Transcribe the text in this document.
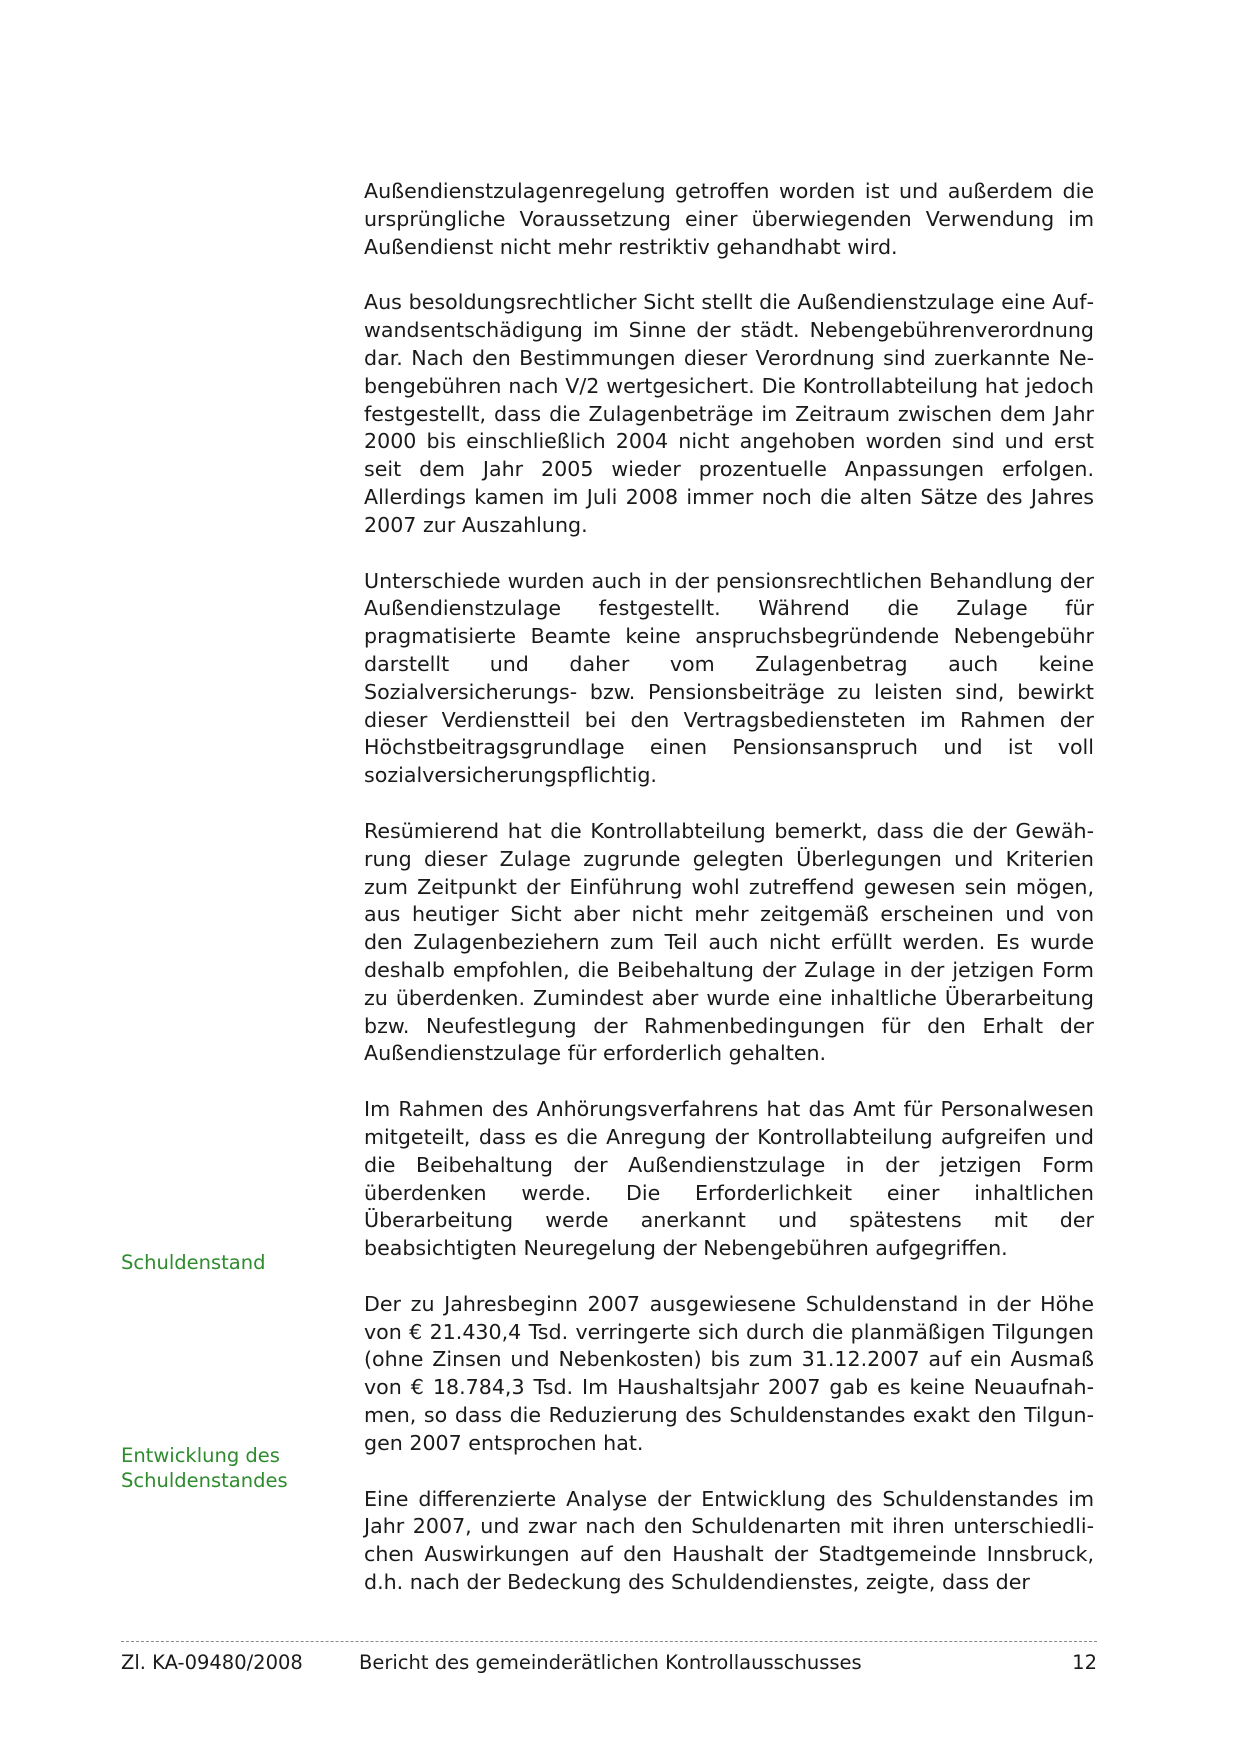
Außendienstzulagenregelung getroffen worden ist und außerdem die ursprüngliche Voraussetzung einer überwiegenden Verwendung im Außendienst nicht mehr restriktiv gehandhabt wird.

Aus besoldungsrechtlicher Sicht stellt die Außendienstzulage eine Aufwandsentschädigung im Sinne der städt. Nebengebührenverordnung dar. Nach den Bestimmungen dieser Verordnung sind zuerkannte Nebengebühren nach V/2 wertgesichert. Die Kontrollabteilung hat jedoch festgestellt, dass die Zulagenbeträge im Zeitraum zwischen dem Jahr 2000 bis einschließlich 2004 nicht angehoben worden sind und erst seit dem Jahr 2005 wieder prozentuelle Anpassungen erfolgen. Allerdings kamen im Juli 2008 immer noch die alten Sätze des Jahres 2007 zur Auszahlung.

Unterschiede wurden auch in der pensionsrechtlichen Behandlung der Außendienstzulage festgestellt. Während die Zulage für pragmatisierte Beamte keine anspruchsbegründende Nebengebühr darstellt und daher vom Zulagenbetrag auch keine Sozialversicherungs- bzw. Pensionsbeiträge zu leisten sind, bewirkt dieser Verdienstteil bei den Vertragsbediensteten im Rahmen der Höchstbeitragsgrundlage einen Pensionsanspruch und ist voll sozialversicherungspflichtig.

Resümierend hat die Kontrollabteilung bemerkt, dass die der Gewährung dieser Zulage zugrunde gelegten Überlegungen und Kriterien zum Zeitpunkt der Einführung wohl zutreffend gewesen sein mögen, aus heutiger Sicht aber nicht mehr zeitgemäß erscheinen und von den Zulagenbeziehern zum Teil auch nicht erfüllt werden. Es wurde deshalb empfohlen, die Beibehaltung der Zulage in der jetzigen Form zu überdenken. Zumindest aber wurde eine inhaltliche Überarbeitung bzw. Neufestlegung der Rahmenbedingungen für den Erhalt der Außendienstzulage für erforderlich gehalten.

Im Rahmen des Anhörungsverfahrens hat das Amt für Personalwesen mitgeteilt, dass es die Anregung der Kontrollabteilung aufgreifen und die Beibehaltung der Außendienstzulage in der jetzigen Form überdenken werde. Die Erforderlichkeit einer inhaltlichen Überarbeitung werde anerkannt und spätestens mit der beabsichtigten Neuregelung der Nebengebühren aufgegriffen.

Der zu Jahresbeginn 2007 ausgewiesene Schuldenstand in der Höhe von € 21.430,4 Tsd. verringerte sich durch die planmäßigen Tilgungen (ohne Zinsen und Nebenkosten) bis zum 31.12.2007 auf ein Ausmaß von € 18.784,3 Tsd. Im Haushaltsjahr 2007 gab es keine Neuaufnahmen, so dass die Reduzierung des Schuldenstandes exakt den Tilgungen 2007 entsprochen hat.

Eine differenzierte Analyse der Entwicklung des Schuldenstandes im Jahr 2007, und zwar nach den Schuldenarten mit ihren unterschiedlichen Auswirkungen auf den Haushalt der Stadtgemeinde Innsbruck, d.h. nach der Bedeckung des Schuldendienstes, zeigte, dass der

Schuldenstand

Entwicklung des Schuldenstandes

Zl. KA-09480/2008	Bericht des gemeinderätlichen Kontrollausschusses	12
